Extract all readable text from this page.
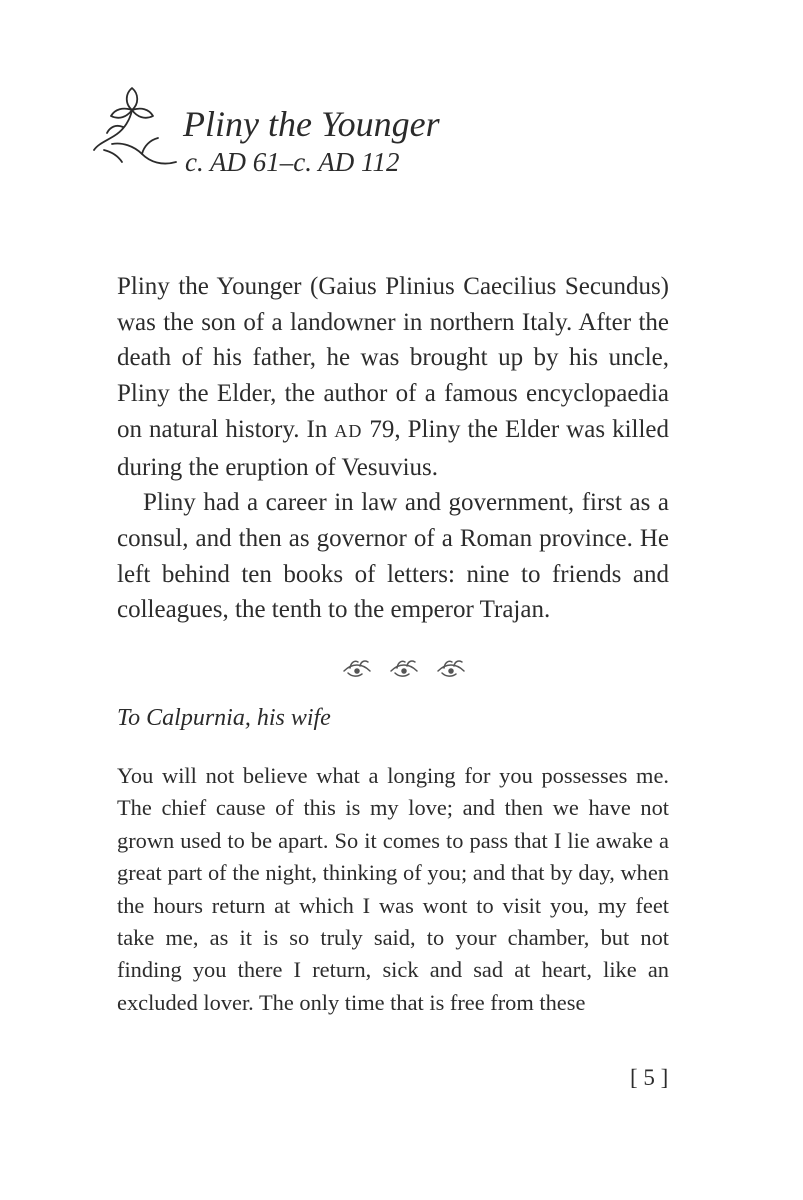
Pliny the Younger
c. AD 61–c. AD 112

Pliny the Younger (Gaius Plinius Caecilius Secundus) was the son of a landowner in northern Italy. After the death of his father, he was brought up by his uncle, Pliny the Elder, the author of a famous encyclopaedia on natural history. In AD 79, Pliny the Elder was killed during the eruption of Vesuvius.

Pliny had a career in law and government, first as a consul, and then as governor of a Roman province. He left behind ten books of letters: nine to friends and colleagues, the tenth to the emperor Trajan.

To Calpurnia, his wife

You will not believe what a longing for you possesses me. The chief cause of this is my love; and then we have not grown used to be apart. So it comes to pass that I lie awake a great part of the night, thinking of you; and that by day, when the hours return at which I was wont to visit you, my feet take me, as it is so truly said, to your chamber, but not finding you there I return, sick and sad at heart, like an excluded lover. The only time that is free from these

[ 5 ]
